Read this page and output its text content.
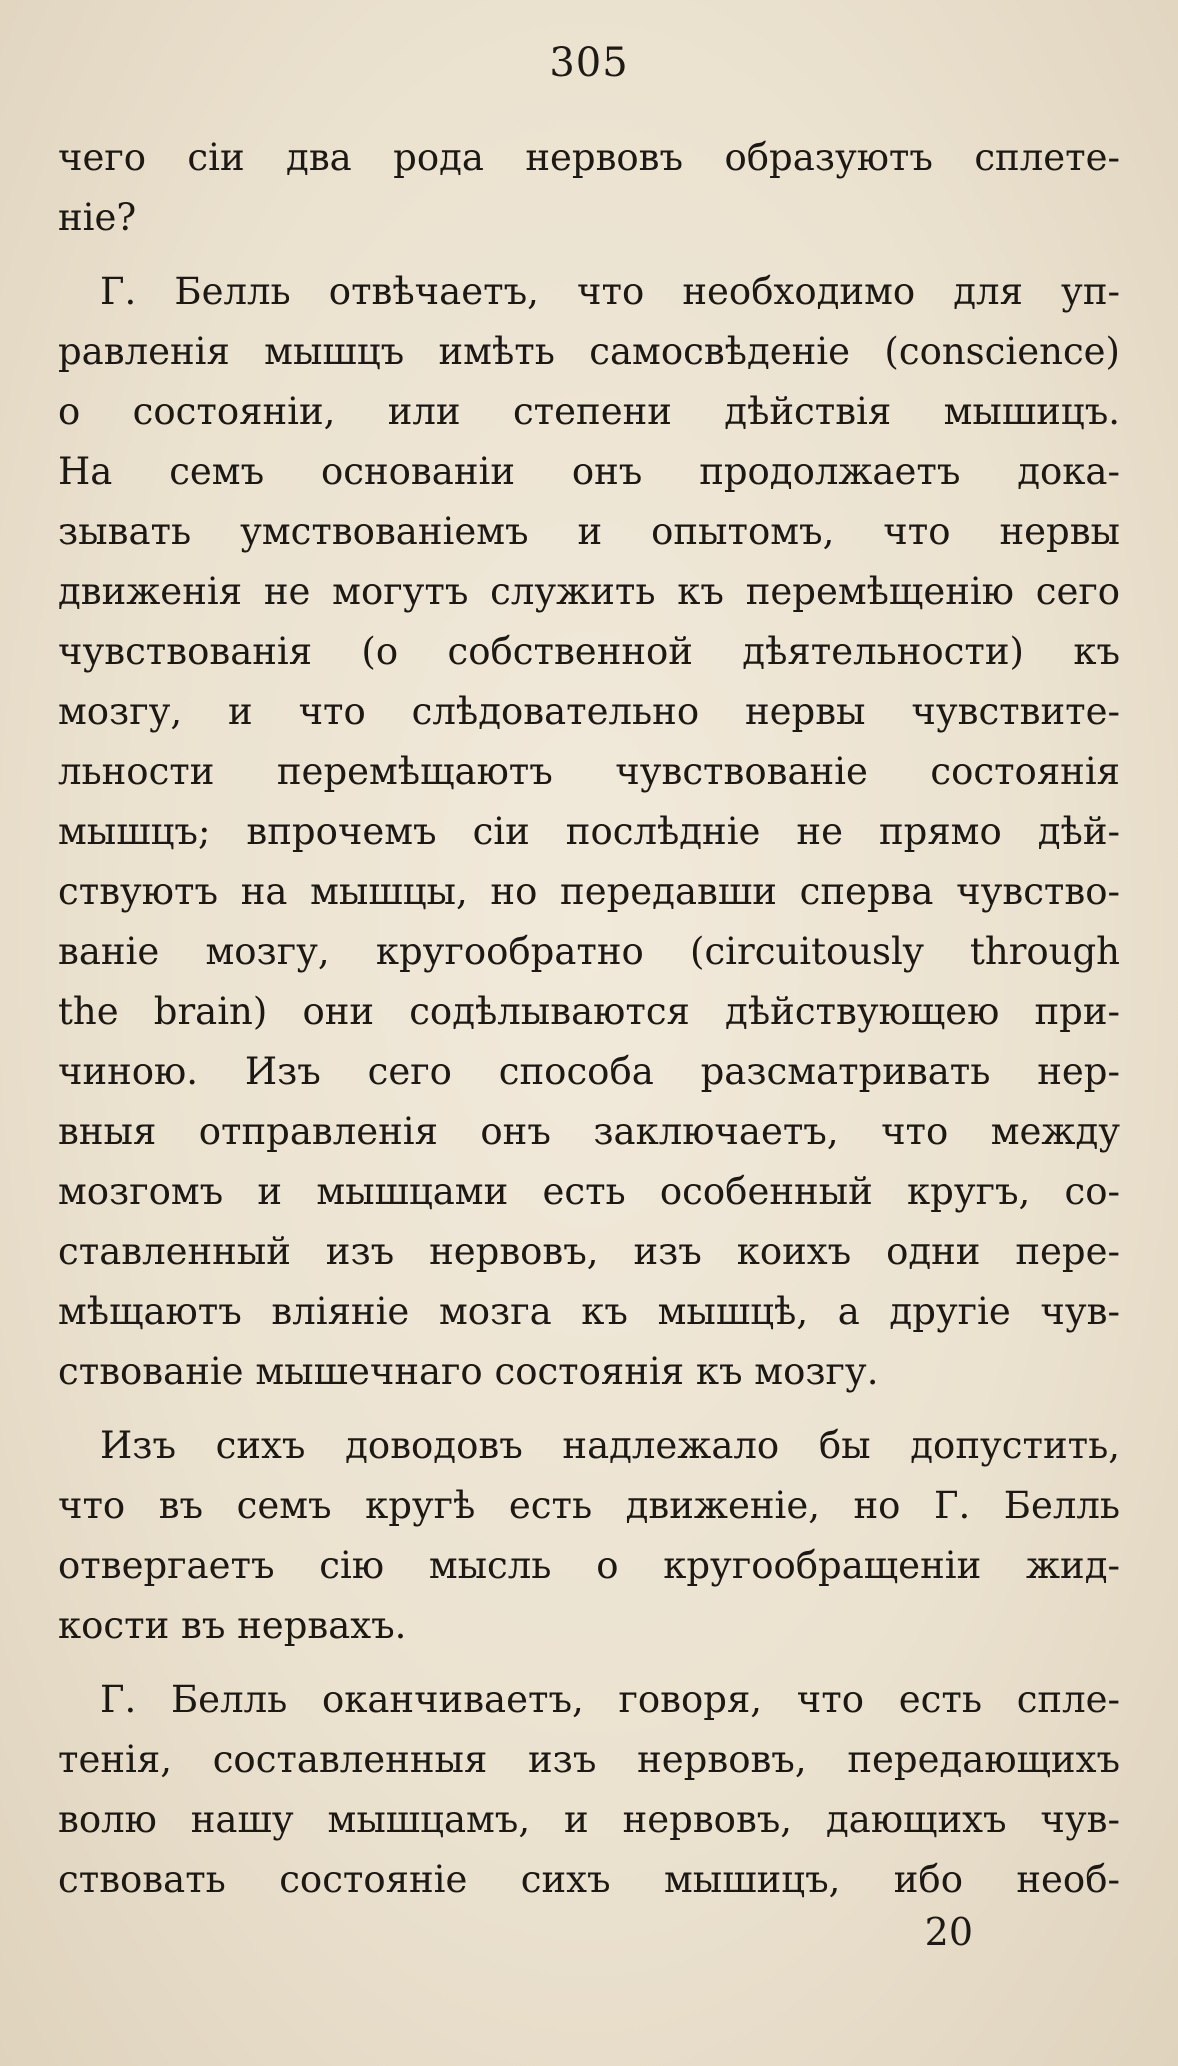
305
чего сіи два рода нервовъ образуютъ сплете-
ніе?
Г. Белль отвѣчаетъ, что необходимо для уп-
равленія мышцъ имѣть самосвѣденіе (conscience)
о состояніи, или степени дѣйствія мышицъ.
На семъ основаніи онъ продолжаетъ дока-
зывать умствованіемъ и опытомъ, что нервы
движенія не могутъ служить къ перемѣщенію сего
чувствованія (о собственной дѣятельности) къ
мозгу, и что слѣдовательно нервы чувствите-
льности перемѣщаютъ чувствованіе состоянія
мышцъ; впрочемъ сіи послѣдніе не прямо дѣй-
ствуютъ на мышцы, но передавши сперва чувство-
ваніе мозгу, кругообратно (circuitously through
the brain) они содѣлываются дѣйствующею при-
чиною. Изъ сего способа разсматривать нер-
вныя отправленія онъ заключаетъ, что между
мозгомъ и мышцами есть особенный кругъ, со-
ставленный изъ нервовъ, изъ коихъ одни пере-
мѣщаютъ вліяніе мозга къ мышцѣ, а другіе чув-
ствованіе мышечнаго состоянія къ мозгу.
Изъ сихъ доводовъ надлежало бы допустить,
что въ семъ кругѣ есть движеніе, но Г. Белль
отвергаетъ сію мысль о кругообращеніи жид-
кости въ нервахъ.
Г. Белль оканчиваетъ, говоря, что есть спле-
тенія, составленныя изъ нервовъ, передающихъ
волю нашу мышцамъ, и нервовъ, дающихъ чув-
ствовать состояніе сихъ мышицъ, ибо необ-
20
